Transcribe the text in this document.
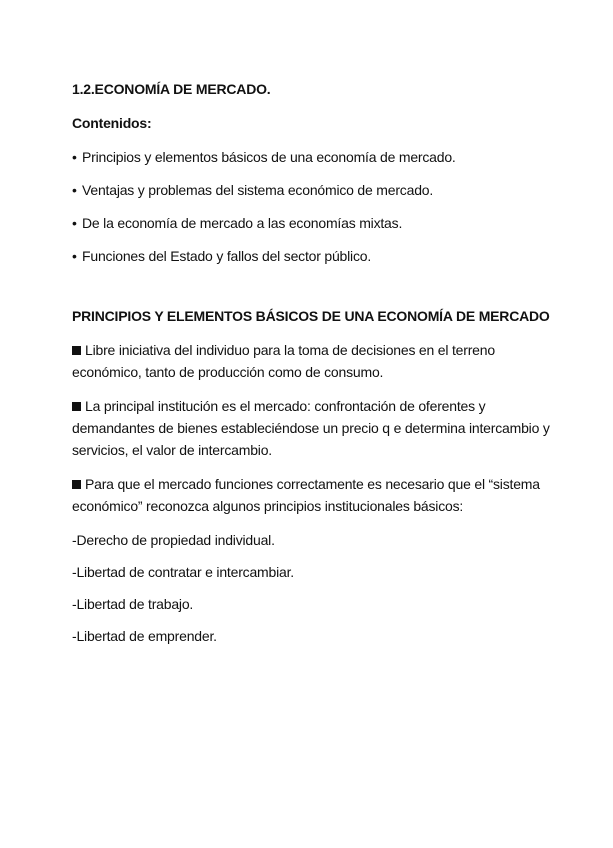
1.2.ECONOMÍA DE MERCADO.
Contenidos:
• Principios y elementos básicos de una economía de mercado.
• Ventajas y problemas del sistema económico de mercado.
• De la economía de mercado a las economías mixtas.
• Funciones del Estado y fallos del sector público.
PRINCIPIOS Y ELEMENTOS BÁSICOS DE UNA ECONOMÍA DE MERCADO

Libre iniciativa del individuo para la toma de decisiones en el terreno económico, tanto de producción como de consumo.

La principal institución es el mercado: confrontación de oferentes y demandantes de bienes estableciéndose un precio q e determina intercambio y servicios, el valor de intercambio.

Para que el mercado funciones correctamente es necesario que el “sistema económico” reconozca algunos principios institucionales básicos:

-Derecho de propiedad individual.
-Libertad de contratar e intercambiar.
-Libertad de trabajo.
-Libertad de emprender.
